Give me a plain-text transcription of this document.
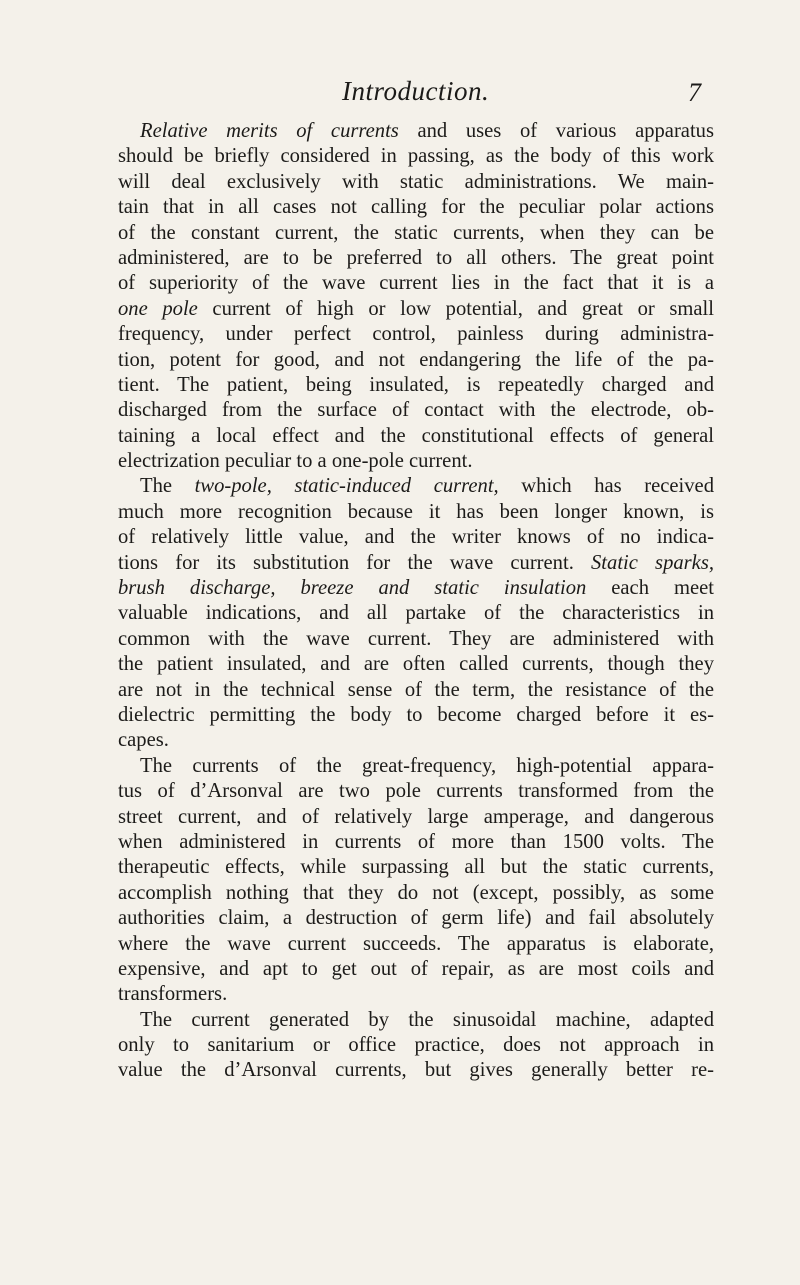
Introduction.	7
Relative merits of currents and uses of various apparatus
should be briefly considered in passing, as the body of this work
will deal exclusively with static administrations. We main-
tain that in all cases not calling for the peculiar polar actions
of the constant current, the static currents, when they can be
administered, are to be preferred to all others. The great point
of superiority of the wave current lies in the fact that it is a
one pole current of high or low potential, and great or small
frequency, under perfect control, painless during administra-
tion, potent for good, and not endangering the life of the pa-
tient. The patient, being insulated, is repeatedly charged and
discharged from the surface of contact with the electrode, ob-
taining a local effect and the constitutional effects of general
electrization peculiar to a one-pole current.
The two-pole, static-induced current, which has received
much more recognition because it has been longer known, is
of relatively little value, and the writer knows of no indica-
tions for its substitution for the wave current. Static sparks,
brush discharge, breeze and static insulation each meet
valuable indications, and all partake of the characteristics in
common with the wave current. They are administered with
the patient insulated, and are often called currents, though they
are not in the technical sense of the term, the resistance of the
dielectric permitting the body to become charged before it es-
capes.
The currents of the great-frequency, high-potential appara-
tus of d’Arsonval are two pole currents transformed from the
street current, and of relatively large amperage, and dangerous
when administered in currents of more than 1500 volts. The
therapeutic effects, while surpassing all but the static currents,
accomplish nothing that they do not (except, possibly, as some
authorities claim, a destruction of germ life) and fail absolutely
where the wave current succeeds. The apparatus is elaborate,
expensive, and apt to get out of repair, as are most coils and
transformers.
The current generated by the sinusoidal machine, adapted
only to sanitarium or office practice, does not approach in
value the d’Arsonval currents, but gives generally better re-
